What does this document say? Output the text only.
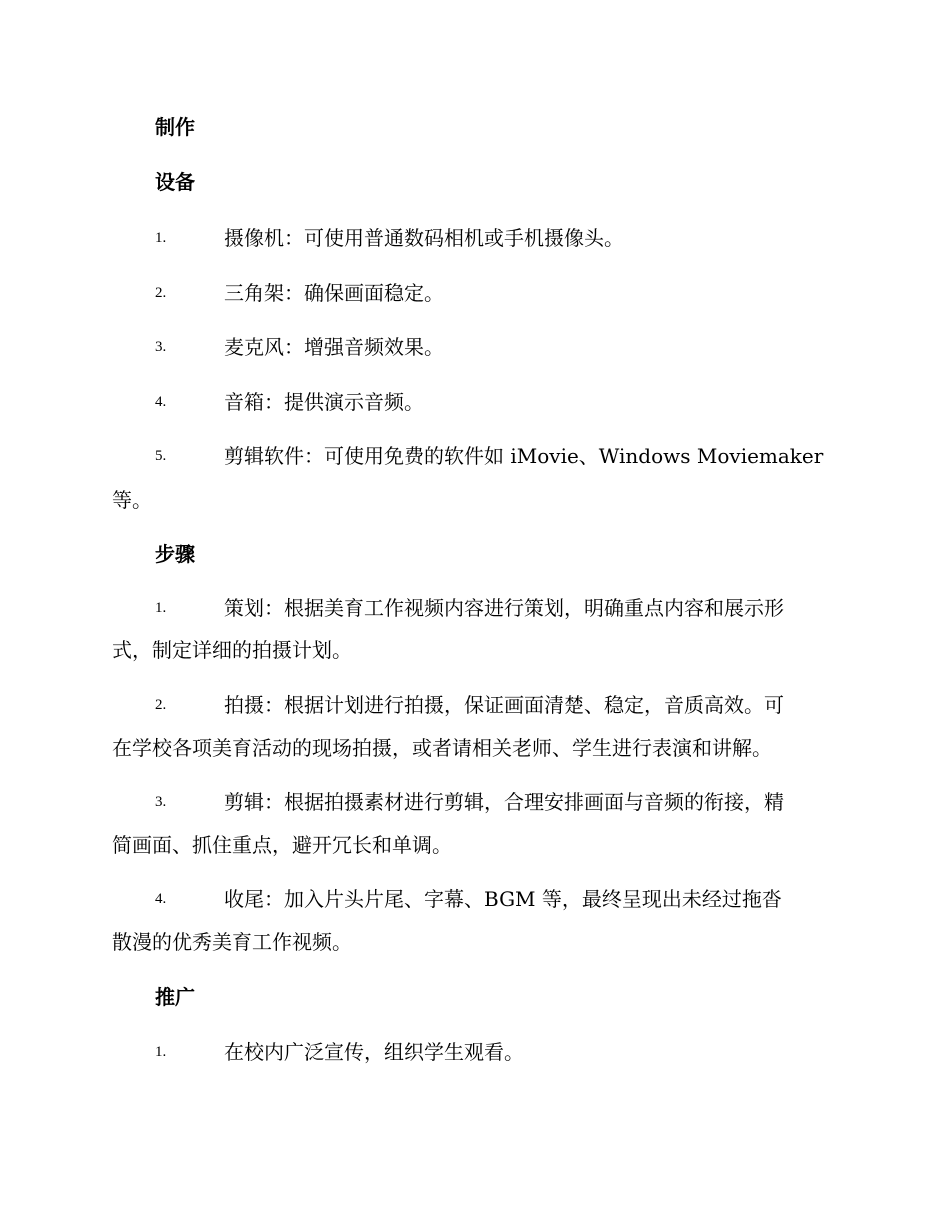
制作
设备
1.	摄像机：可使用普通数码相机或手机摄像头。
2.	三角架：确保画面稳定。
3.	麦克风：增强音频效果。
4.	音箱：提供演示音频。
5.	剪辑软件：可使用免费的软件如 iMovie、Windows Moviemaker
等。
步骤
1.	策划：根据美育工作视频内容进行策划，明确重点内容和展示形
式，制定详细的拍摄计划。
2.	拍摄：根据计划进行拍摄，保证画面清楚、稳定，音质高效。可
在学校各项美育活动的现场拍摄，或者请相关老师、学生进行表演和讲解。
3.	剪辑：根据拍摄素材进行剪辑，合理安排画面与音频的衔接，精
简画面、抓住重点，避开冗长和单调。
4.	收尾：加入片头片尾、字幕、BGM 等，最终呈现出未经过拖沓
散漫的优秀美育工作视频。
推广
1.	在校内广泛宣传，组织学生观看。
